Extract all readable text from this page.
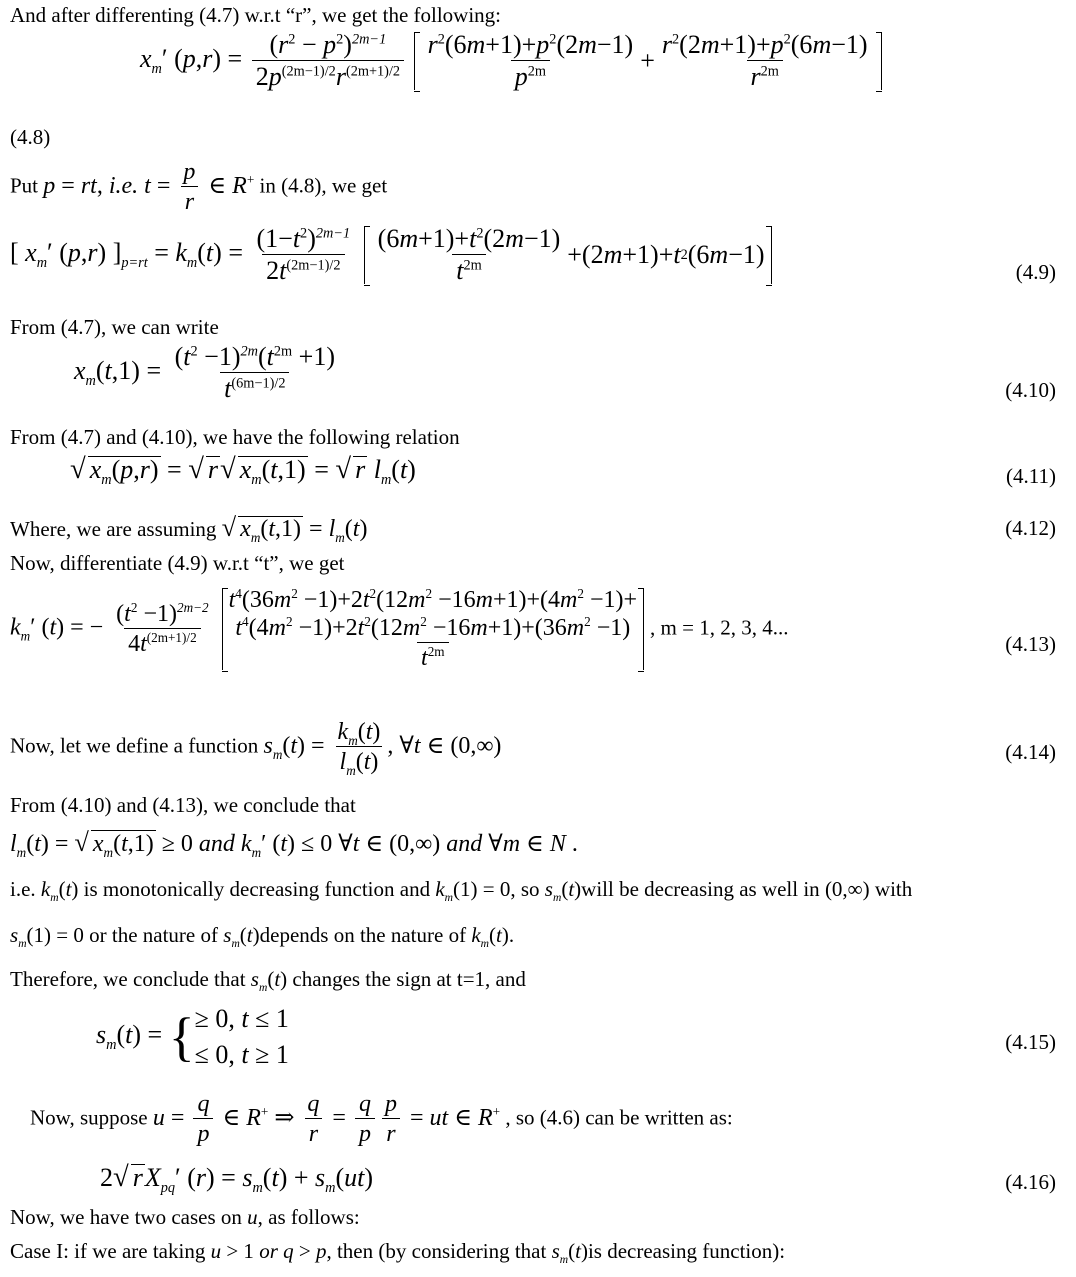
And after differenting (4.7) w.r.t “r”, we get the following:
$x_m'$ $(p,r) = \frac{(r^2 - p^2)^{2m-1}}{2p^{(2m-1)/2}r^{(2m+1)/2}}$
$\frac{r^2(6m+1)+p^2(2m-1)}{p^{2m}} + \frac{r^2(2m+1)+p^2(6m-1)}{r^{2m}}$
(4.8)
Put p = rt, i.e. $t = \frac{p}{r}$ ∈ R+ in (4.8), we get
[ $x_m'$ (p,r) ]$_{p=rt} = k_m(t) = \frac{(1-t^2)^{2m-1}}{2t^{(2m-1)/2}}$
$\frac{(6m+1)+t^2(2m-1)}{t^{2m}} +(2$ m +1)+ t 2 (6 m −1)
(4.9)
From (4.7), we can write
$x_m(t,1) = \frac{(t^2 -1)^{2m}(t^{2m} +1)}{t^{(6m-1)/2}}$	(4.10)
From (4.7) and (4.10), we have the following relation
√ $x_m(p,r)$ = √ r√ $x_m(t,1)$ = √ r $l_m(t)$	(4.11)
Where, we are assuming √ $x_m(t,1) = l_m(t)$	(4.12)
Now, differentiate (4.9) w.r.t “t”, we get
$k_m'$ (t) = − $\frac{(t^2 -1)^{2m-2}}{4t^{(2m+1)/2}}$

$t^4(36m^2 -1)+2t^2(12m^2 -16m+1)+(4m^2 -1)+$
$\frac{t^4(4m^2 -1)+2t^2(12m^2 -16m+1)+(36m^2 -1)}{t^{2m}}$ , m = 1, 2, 3, 4...
(4.13)
Now, let we define a function $s_m(t) = \frac{k_m(t)}{l_m(t)}$ , ∀t ∈ (0,∞)	(4.14)
From (4.10) and (4.13), we conclude that
$l_m(t)$ = √ $x_m(t,1) \ge 0$ and $k_m'$ (t) ≤ 0 ∀t ∈ (0,∞) and ∀m ∈ N .
i.e. $k_m(t)$ is monotonically decreasing function and $k_m(1) = 0$, so $s_m(t)will$ be decreasing as well in (0,∞) with
$s_m(1) = 0$ or the nature of $s_m(t)depends$ on the nature of $k_m(t)$.
Therefore, we conclude that $s_m(t)$ changes the sign at t=1, and
$s_m(t)$ = { ≥ 0, t ≤ 1
≤ 0, t ≥ 1	(4.15)
Now, suppose $u = \frac{q}{p}$ ∈ R+ ⇒ $\frac{q}{r} = \frac{q}{p} \frac{p}{r}$ = ut ∈ R+ , so (4.6) can be written as:
2√ $rX_{pq}'$ $(r) = s_m(t) + s_m(ut)$	(4.16)
Now, we have two cases on u, as follows:
Case I: if we are taking u > 1 or q > p, then (by considering that $s_m(t)is$ decreasing function):
